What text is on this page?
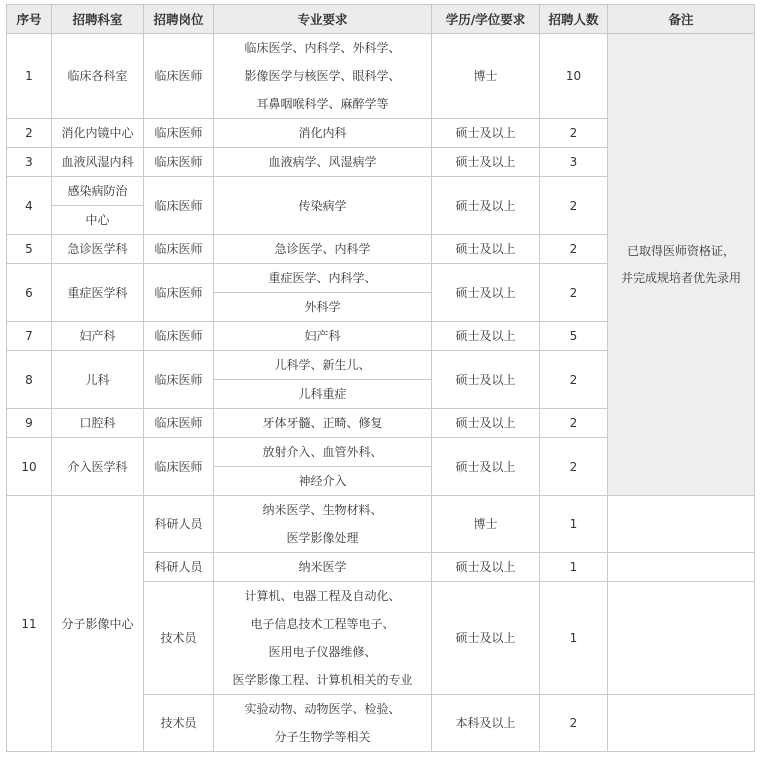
序号	招聘科室	招聘岗位	专业要求	学历/学位要求	招聘人数	备注
1	临床各科室	临床医师	临床医学、内科学、外科学、
影像医学与核医学、眼科学、
耳鼻咽喉科学、麻醉学等	博士	10	已取得医师资格证，
并完成规培者优先录用

2	消化内镜中心	临床医师	消化内科	硕士及以上	2	
3	血液风湿内科	临床医师	血液病学、风湿病学	硕士及以上	3	
4	感染病防治	临床医师	传染病学	硕士及以上	2	
	中心					
5	急诊医学科	临床医师	急诊医学、内科学	硕士及以上	2	
6	重症医学科	临床医师	重症医学、内科学、	硕士及以上	2	
			外科学			
7	妇产科	临床医师	妇产科	硕士及以上	5	
8	儿科	临床医师	儿科学、新生儿、	硕士及以上	2	
			儿科重症			
9	口腔科	临床医师	牙体牙髓、正畸、修复	硕士及以上	2	
10	介入医学科	临床医师	放射介入、血管外科、	硕士及以上	2	
			神经介入			
11	分子影像中心	科研人员	纳米医学、生物材料、
医学影像处理	博士	1	
		科研人员	纳米医学	硕士及以上	1	
		技术员	计算机、电器工程及自动化、
电子信息技术工程等电子、
医用电子仪器维修、
医学影像工程、计算机相关的专业	硕士及以上	1	
		技术员	实验动物、动物医学、检验、
分子生物学等相关	本科及以上	2	
